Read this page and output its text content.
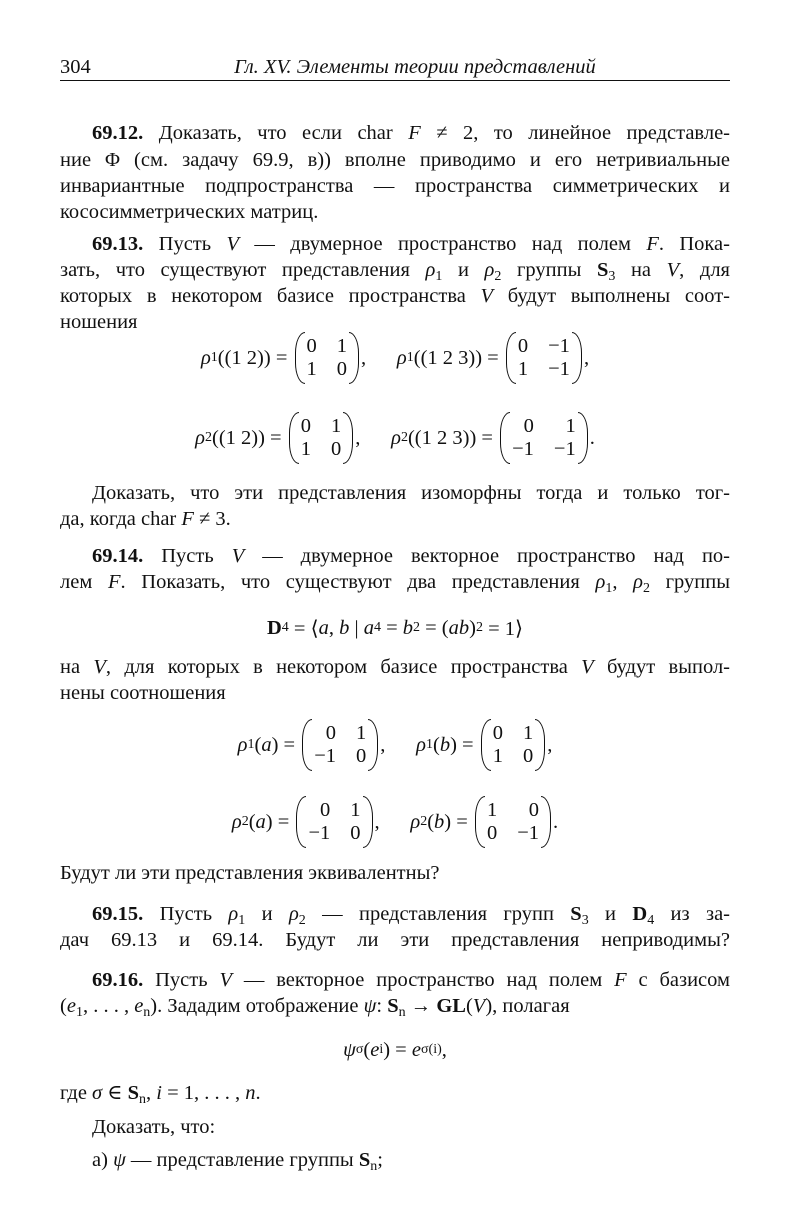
304	Гл. XV. Элементы теории представлений
69.12. Доказать, что если char F ≠ 2, то линейное представле-
ние Φ (см. задачу 69.9, в)) вполне приводимо и его нетривиальные
инвариантные подпространства — пространства симметрических и
кососимметрических матриц.
69.13. Пусть V — двумерное пространство над полем F. Пока-
зать, что существуют представления $\rho_1$ и $\rho_2$ группы $S_3$ на V, для
которых в некотором базисе пространства V будут выполнены соот-
ношения
Доказать, что эти представления изоморфны тогда и только тог-
да, когда char F ≠ 3.
69.14. Пусть V — двумерное векторное пространство над по-
лем F. Показать, что существуют два представления $\rho_1$, $\rho_2$ группы
на V, для которых в некотором базисе пространства V будут выпол-
нены соотношения
Будут ли эти представления эквивалентны?
69.15. Пусть $\rho_1$ и $\rho_2$ — представления групп $S_3$ и $D_4$ из за-
дач 69.13 и 69.14. Будут ли эти представления неприводимы?
69.16. Пусть V — векторное пространство над полем F с базисом
($e_1$, . . . , $e_n$). Зададим отображение ψ: $S_n \to GL(V)$, полагая
где σ ∈ $S_n$, i = 1, . . . , n.
Доказать, что:
а) ψ — представление группы $S_n$;
ρ 1 ((1 2)) =
0 1
1 0
, ρ 1 ((1 2 3)) =
0 −1
1 −1
,
ρ 2 ((1 2)) =
0 1
1 0
, ρ 2 ((1 2 3)) =
0	1
−1 −1
.
D 4 = ⟨ a , b | a 4 = b 2 = ( ab ) 2 = 1⟩
ρ 1 ( a ) =
0 1
−1 0
, ρ 1 ( b ) =
0 1
1 0
,
ρ 2 ( a ) =
0 1
−1 0
, ρ 2 ( b ) =
1	0
0 −1
.
ψ σ ( e i ) = e σ(i) ,
